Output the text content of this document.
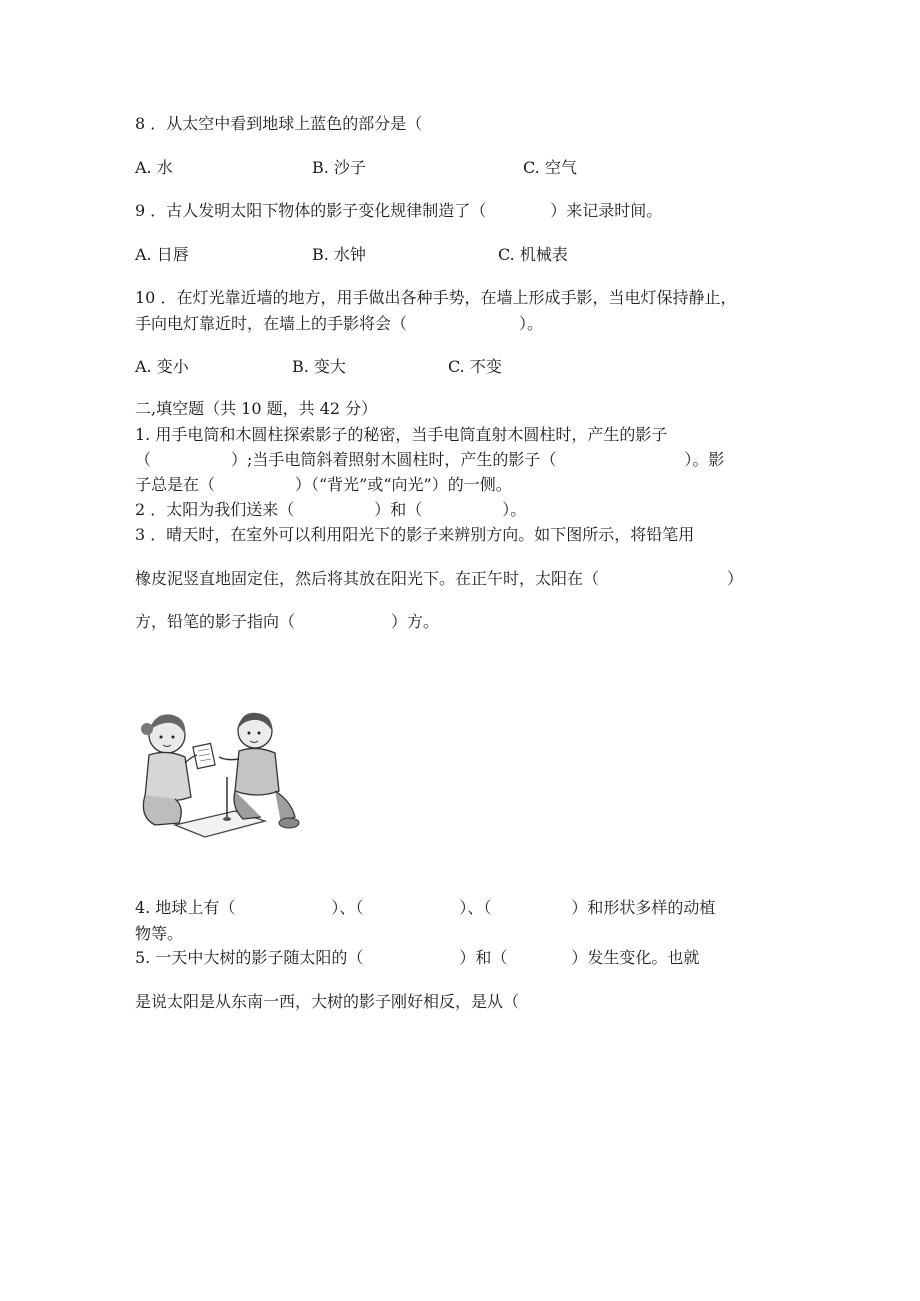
8 ．从太空中看到地球上蓝色的部分是（
A. 水	B. 沙子	C. 空气
9 ．古人发明太阳下物体的影子变化规律制造了（　　　　）来记录时间。
A. 日唇	B. 水钟	C. 机械表
10 ．在灯光靠近墙的地方，用手做出各种手势，在墙上形成手影，当电灯保持静止，
手向电灯靠近时，在墙上的手影将会（　　　　　　　）。
A. 变小	B. 变大	C. 不变
二,填空题（共 10 题，共 42 分）
1. 用手电筒和木圆柱探索影子的秘密，当手电筒直射木圆柱时，产生的影子
（　　　　　）;当手电筒斜着照射木圆柱时，产生的影子（　　　　　　　　）。影
子总是在（　　　　　）（“背光”或“向光”）的一侧。
2 ．太阳为我们送来（　　　　　）和（　　　　　）。
3 ．晴天时，在室外可以利用阳光下的影子来辨别方向。如下图所示，将铅笔用
橡皮泥竖直地固定住，然后将其放在阳光下。在正午时，太阳在（　　　　　　　　）
方，铅笔的影子指向（　　　　　　）方。
4. 地球上有（　　　　　　）、（　　　　　　）、（　　　　　）和形状多样的动植
物等。
5. 一天中大树的影子随太阳的（　　　　　　）和（　　　　）发生变化。也就
是说太阳是从东南一西，大树的影子刚好相反，是从（
